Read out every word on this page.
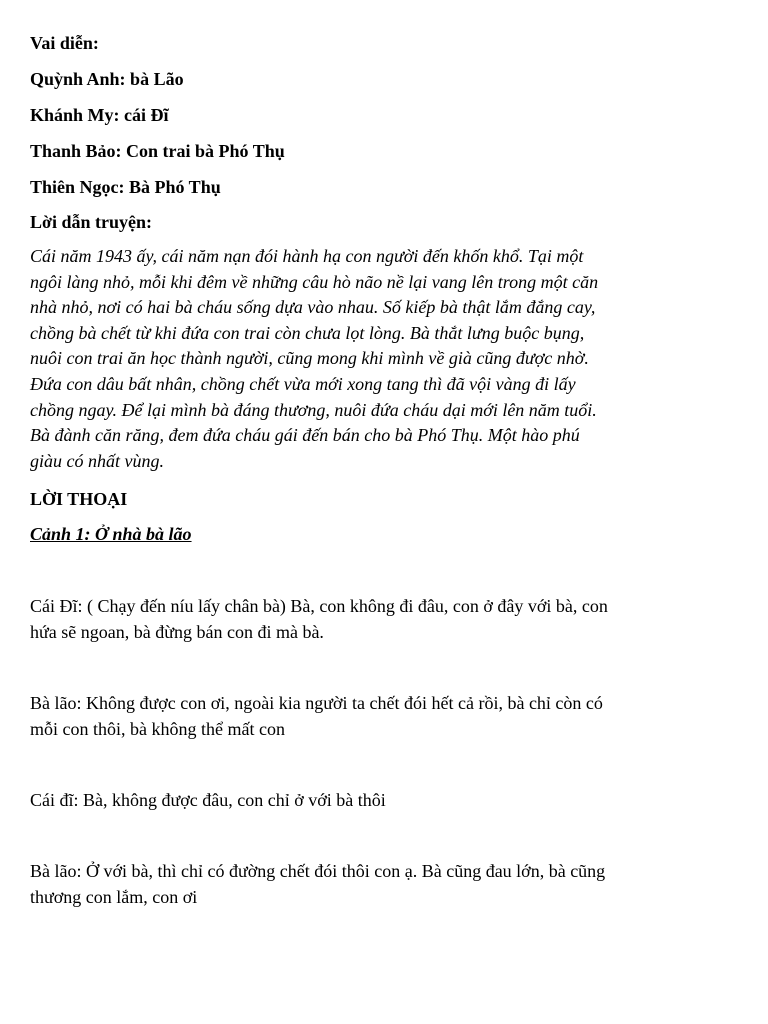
Vai diễn:
Quỳnh Anh: bà Lão
Khánh My: cái Đĩ
Thanh Bảo: Con trai bà Phó Thụ
Thiên Ngọc: Bà Phó Thụ
Lời dẫn truyện:
Cái năm 1943 ấy, cái năm nạn đói hành hạ con người đến khốn khổ. Tại một
ngôi làng nhỏ, mỗi khi đêm về những câu hò não nề lại vang lên trong một căn
nhà nhỏ, nơi có hai bà cháu sống dựa vào nhau. Số kiếp bà thật lắm đắng cay,
chồng bà chết từ khi đứa con trai còn chưa lọt lòng. Bà thắt lưng buộc bụng,
nuôi con trai ăn học thành người, cũng mong khi mình về già cũng được nhờ.
Đứa con dâu bất nhân, chồng chết vừa mới xong tang thì đã vội vàng đi lấy
chồng ngay. Để lại mình bà đáng thương, nuôi đứa cháu dại mới lên năm tuổi.
Bà đành căn răng, đem đứa cháu gái đến bán cho bà Phó Thụ. Một hào phú
giàu có nhất vùng.
LỜI THOẠI
Cảnh 1: Ở nhà bà lão
Cái Đĩ: ( Chạy đến níu lấy chân bà) Bà, con không đi đâu, con ở đây với bà, con
hứa sẽ ngoan, bà đừng bán con đi mà bà.
Bà lão: Không được con ơi, ngoài kia người ta chết đói hết cả rồi, bà chỉ còn có
mỗi con thôi, bà không thể mất con
Cái đĩ: Bà, không được đâu, con chỉ ở với bà thôi
Bà lão: Ở với bà, thì chỉ có đường chết đói thôi con ạ. Bà cũng đau lớn, bà cũng
thương con lắm, con ơi
